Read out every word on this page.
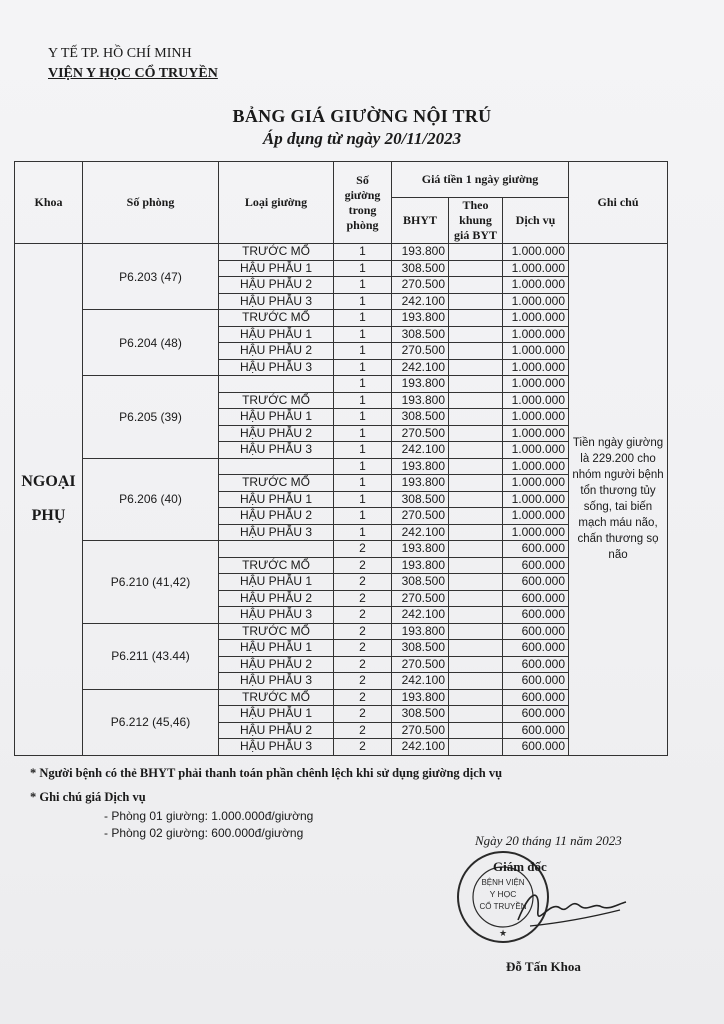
Y TẾ TP. HỒ CHÍ MINH
VIỆN Y HỌC CỔ TRUYỀN
BẢNG GIÁ GIƯỜNG NỘI TRÚ
Áp dụng từ ngày 20/11/2023
Khoa	Số phòng	Loại giường	Số giường trong phòng	Giá tiền 1 ngày giường			Ghi chú
				BHYT	Theo khung giá BYT	Dịch vụ	

NGOẠI
PHỤ	P6.203 (47)	TRƯỚC MỔ	1	193.800		1.000.000	Tiền ngày giường là 229.200 cho nhóm người bệnh tổn thương tủy sống, tai biến mạch máu não, chấn thương sọ não
		HẬU PHẪU 1	1	308.500		1.000.000	
		HẬU PHẪU 2	1	270.500		1.000.000	
		HẬU PHẪU 3	1	242.100		1.000.000	
	P6.204 (48)	TRƯỚC MỔ	1	193.800		1.000.000	
		HẬU PHẪU 1	1	308.500		1.000.000	
		HẬU PHẪU 2	1	270.500		1.000.000	
		HẬU PHẪU 3	1	242.100		1.000.000	
	P6.205 (39)		1	193.800		1.000.000	
		TRƯỚC MỔ	1	193.800		1.000.000	
		HẬU PHẪU 1	1	308.500		1.000.000	
		HẬU PHẪU 2	1	270.500		1.000.000	
		HẬU PHẪU 3	1	242.100		1.000.000	
	P6.206 (40)		1	193.800		1.000.000	
		TRƯỚC MỔ	1	193.800		1.000.000	
		HẬU PHẪU 1	1	308.500		1.000.000	
		HẬU PHẪU 2	1	270.500		1.000.000	
		HẬU PHẪU 3	1	242.100		1.000.000	
	P6.210 (41,42)		2	193.800		600.000	
		TRƯỚC MỔ	2	193.800		600.000	
		HẬU PHẪU 1	2	308.500		600.000	
		HẬU PHẪU 2	2	270.500		600.000	
		HẬU PHẪU 3	2	242.100		600.000	
	P6.211 (43.44)	TRƯỚC MỔ	2	193.800		600.000	
		HẬU PHẪU 1	2	308.500		600.000	
		HẬU PHẪU 2	2	270.500		600.000	
		HẬU PHẪU 3	2	242.100		600.000	
	P6.212 (45,46)	TRƯỚC MỔ	2	193.800		600.000	
		HẬU PHẪU 1	2	308.500		600.000	
		HẬU PHẪU 2	2	270.500		600.000	
		HẬU PHẪU 3	2	242.100		600.000	
* Người bệnh có thẻ BHYT phải thanh toán phần chênh lệch khi sử dụng giường dịch vụ
* Ghi chú giá Dịch vụ
- Phòng 01 giường: 1.000.000đ/giường
- Phòng 02 giường: 600.000đ/giường	Ngày 20 tháng 11 năm 2023
BỆNH VIỆN
Y HỌC
CỔ TRUYỀN
★
Giám đốc
Đỗ Tấn Khoa
